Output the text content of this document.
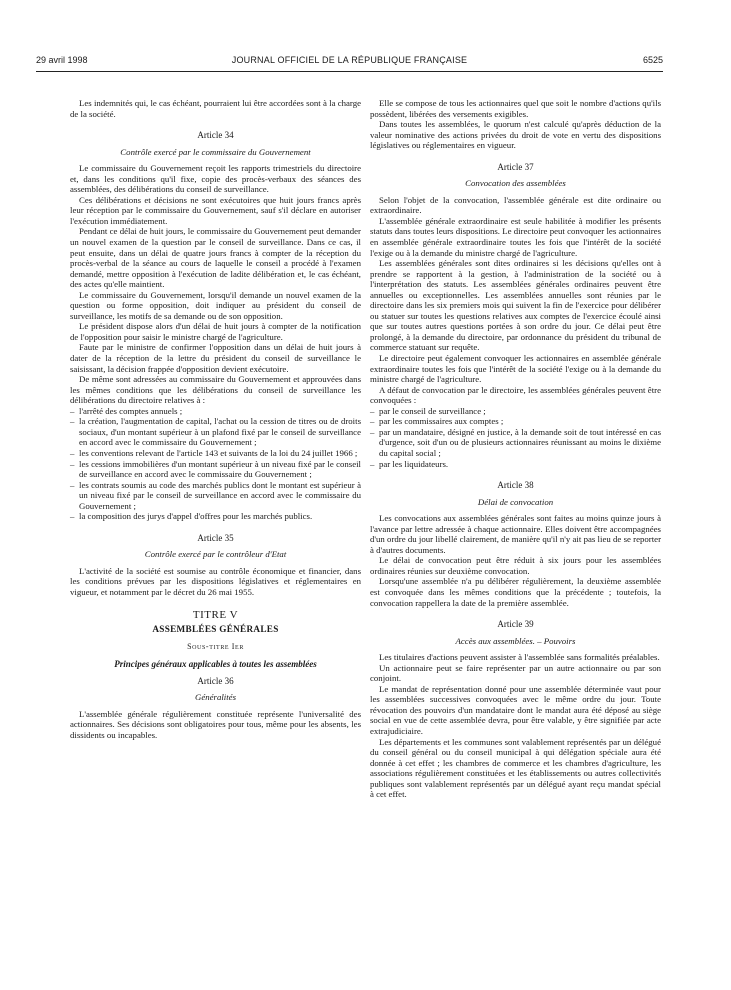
29 avril 1998	JOURNAL OFFICIEL DE LA RÉPUBLIQUE FRANÇAISE	6525

Les indemnités qui, le cas échéant, pourraient lui être accordées sont à la charge de la société.

Article 34
Contrôle exercé par le commissaire du Gouvernement

Le commissaire du Gouvernement reçoit les rapports trimestriels du directoire et, dans les conditions qu'il fixe, copie des procès-verbaux des séances des assemblées, des délibérations du conseil de surveillance.

Ces délibérations et décisions ne sont exécutoires que huit jours francs après leur réception par le commissaire du Gouvernement, sauf s'il déclare en autoriser l'exécution immédiatement.

Pendant ce délai de huit jours, le commissaire du Gouvernement peut demander un nouvel examen de la question par le conseil de surveillance. Dans ce cas, il peut ensuite, dans un délai de quatre jours francs à compter de la réception du procès-verbal de la séance au cours de laquelle le conseil a procédé à l'examen demandé, mettre opposition à l'exécution de ladite délibération et, le cas échéant, des actes qu'elle maintient.

Le commissaire du Gouvernement, lorsqu'il demande un nouvel examen de la question ou forme opposition, doit indiquer au président du conseil de surveillance, les motifs de sa demande ou de son opposition.

Le président dispose alors d'un délai de huit jours à compter de la notification de l'opposition pour saisir le ministre chargé de l'agriculture.

Faute par le ministre de confirmer l'opposition dans un délai de huit jours à dater de la réception de la lettre du président du conseil de surveillance le saisissant, la décision frappée d'opposition devient exécutoire.

De même sont adressées au commissaire du Gouvernement et approuvées dans les mêmes conditions que les délibérations du conseil de surveillance les délibérations du directoire relatives à :

– l'arrêté des comptes annuels ;
– la création, l'augmentation de capital, l'achat ou la cession de titres ou de droits sociaux, d'un montant supérieur à un plafond fixé par le conseil de surveillance en accord avec le commissaire du Gouvernement ;
– les conventions relevant de l'article 143 et suivants de la loi du 24 juillet 1966 ;
– les cessions immobilières d'un montant supérieur à un niveau fixé par le conseil de surveillance en accord avec le commissaire du Gouvernement ;
– les contrats soumis au code des marchés publics dont le montant est supérieur à un niveau fixé par le conseil de surveillance en accord avec le commissaire du Gouvernement ;
– la composition des jurys d'appel d'offres pour les marchés publics.
Article 35
Contrôle exercé par le contrôleur d'Etat

L'activité de la société est soumise au contrôle économique et financier, dans les conditions prévues par les dispositions législatives et réglementaires en vigueur, et notamment par le décret du 26 mai 1955.

TITRE V
ASSEMBLÉES GÉNÉRALES
Sous-titre Ier
Principes généraux applicables à toutes les assemblées
Article 36
Généralités

L'assemblée générale régulièrement constituée représente l'universalité des actionnaires. Ses décisions sont obligatoires pour tous, même pour les absents, les dissidents ou incapables.

Elle se compose de tous les actionnaires quel que soit le nombre d'actions qu'ils possèdent, libérées des versements exigibles.

Dans toutes les assemblées, le quorum n'est calculé qu'après déduction de la valeur nominative des actions privées du droit de vote en vertu des dispositions législatives ou réglementaires en vigueur.

Article 37
Convocation des assemblées

Selon l'objet de la convocation, l'assemblée générale est dite ordinaire ou extraordinaire.

L'assemblée générale extraordinaire est seule habilitée à modifier les présents statuts dans toutes leurs dispositions. Le directoire peut convoquer les actionnaires en assemblée générale extraordinaire toutes les fois que l'intérêt de la société l'exige ou à la demande du ministre chargé de l'agriculture.

Les assemblées générales sont dites ordinaires si les décisions qu'elles ont à prendre se rapportent à la gestion, à l'administration de la société ou à l'interprétation des statuts. Les assemblées générales ordinaires peuvent être annuelles ou exceptionnelles. Les assemblées annuelles sont réunies par le directoire dans les six premiers mois qui suivent la fin de l'exercice pour délibérer ou statuer sur toutes les questions relatives aux comptes de l'exercice écoulé ainsi que sur toutes autres questions portées à son ordre du jour. Ce délai peut être prolongé, à la demande du directoire, par ordonnance du président du tribunal de commerce statuant sur requête.

Le directoire peut également convoquer les actionnaires en assemblée générale extraordinaire toutes les fois que l'intérêt de la société l'exige ou à la demande du ministre chargé de l'agriculture.

A défaut de convocation par le directoire, les assemblées générales peuvent être convoquées :

– par le conseil de surveillance ;
– par les commissaires aux comptes ;
– par un mandataire, désigné en justice, à la demande soit de tout intéressé en cas d'urgence, soit d'un ou de plusieurs actionnaires réunissant au moins le dixième du capital social ;
– par les liquidateurs.
Article 38
Délai de convocation

Les convocations aux assemblées générales sont faites au moins quinze jours à l'avance par lettre adressée à chaque actionnaire. Elles doivent être accompagnées d'un ordre du jour libellé clairement, de manière qu'il n'y ait pas lieu de se reporter à d'autres documents.

Le délai de convocation peut être réduit à six jours pour les assemblées ordinaires réunies sur deuxième convocation.

Lorsqu'une assemblée n'a pu délibérer régulièrement, la deuxième assemblée est convoquée dans les mêmes conditions que la précédente ; toutefois, la convocation rappellera la date de la première assemblée.

Article 39
Accès aux assemblées. – Pouvoirs

Les titulaires d'actions peuvent assister à l'assemblée sans formalités préalables.

Un actionnaire peut se faire représenter par un autre actionnaire ou par son conjoint.

Le mandat de représentation donné pour une assemblée déterminée vaut pour les assemblées successives convoquées avec le même ordre du jour. Toute révocation des pouvoirs d'un mandataire dont le mandat aura été déposé au siège social en vue de cette assemblée devra, pour être valable, y être signifiée par acte extrajudiciaire.

Les départements et les communes sont valablement représentés par un délégué du conseil général ou du conseil municipal à qui délégation spéciale aura été donnée à cet effet ; les chambres de commerce et les chambres d'agriculture, les associations régulièrement constituées et les établissements ou autres collectivités publiques sont valablement représentés par un délégué ayant reçu mandat spécial à cet effet.
